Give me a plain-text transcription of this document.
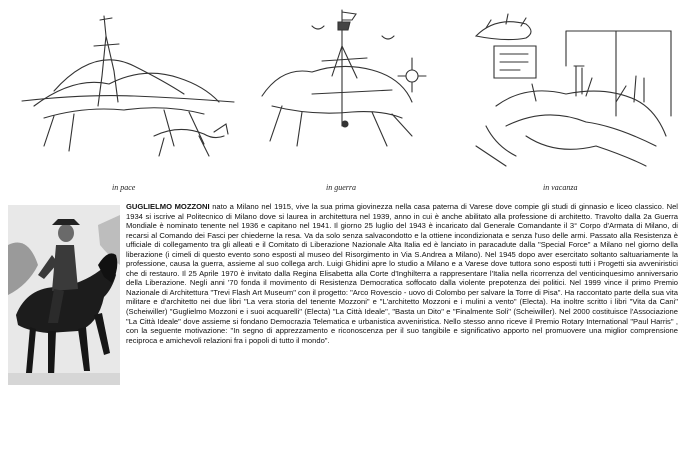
in pace	in guerra	in vacanza

GUGLIELMO MOZZONI nato a Milano nel 1915, vive la sua prima giovinezza nella casa paterna di Varese dove compie gli studi di ginnasio e liceo classico. Nel 1934 si iscrive al Politecnico di Milano dove si laurea in architettura nel 1939, anno in cui è anche abilitato alla professione di architetto. Travolto dalla 2a Guerra Mondiale è nominato tenente nel 1936 e capitano nel 1941. Il giorno 25 luglio del 1943 è incaricato dal Generale Comandante il 3° Corpo d'Armata di Milano, di recarsi al Comando dei Fasci per chiederne la resa. Va da solo senza salvacondotto e la ottiene incondizionata e senza l'uso delle armi. Passato alla Resistenza è ufficiale di collegamento tra gli alleati e il Comitato di Liberazione Nazionale Alta Italia ed è lanciato in paracadute dalla "Special Force" a Milano nel giorno della liberazione (i cimeli di questo evento sono esposti al museo del Risorgimento in Via S.Andrea a Milano). Nel 1945 dopo aver esercitato soltanto saltuariamente la professione, causa la guerra, assieme al suo collega arch. Luigi Ghidini apre lo studio a Milano e a Varese dove tuttora sono esposti tutti i Progetti sia avveniristici che di restauro. Il 25 Aprile 1970 è invitato dalla Regina Elisabetta alla Corte d'Inghilterra a rappresentare l'Italia nella ricorrenza del venticinquesimo anniversario della Liberazione. Negli anni '70 fonda il movimento di Resistenza Democratica soffocato dalla violente prepotenza dei politici. Nel 1999 vince il primo Premio Nazionale di Architettura "Trevi Flash Art Museum" con il progetto: "Arco Rovescio - uovo di Colombo per salvare la Torre di Pisa". Ha raccontato parte della sua vita militare e d'architetto nei due libri "La vera storia del tenente Mozzoni" e "L'architetto Mozzoni e i mulini a vento" (Electa). Ha inoltre scritto i libri "Vita da Cani" (Scheiwiller) "Guglielmo Mozzoni e i suoi acquarelli" (Electa) "La Città Ideale", "Basta un Dito" e "Finalmente Soli" (Scheiwiller). Nel 2000 costituisce l'Associazione "La Città Ideale" dove assieme si fondano Democrazia Telematica e urbanistica avveniristica. Nello stesso anno riceve il Premio Rotary International "Paul Harris" , con la seguente motivazione: "In segno di apprezzamento e riconoscenza per il suo tangibile e significativo apporto nel promuovere una miglior comprensione reciproca e amichevoli relazioni fra i popoli di tutto il mondo".
